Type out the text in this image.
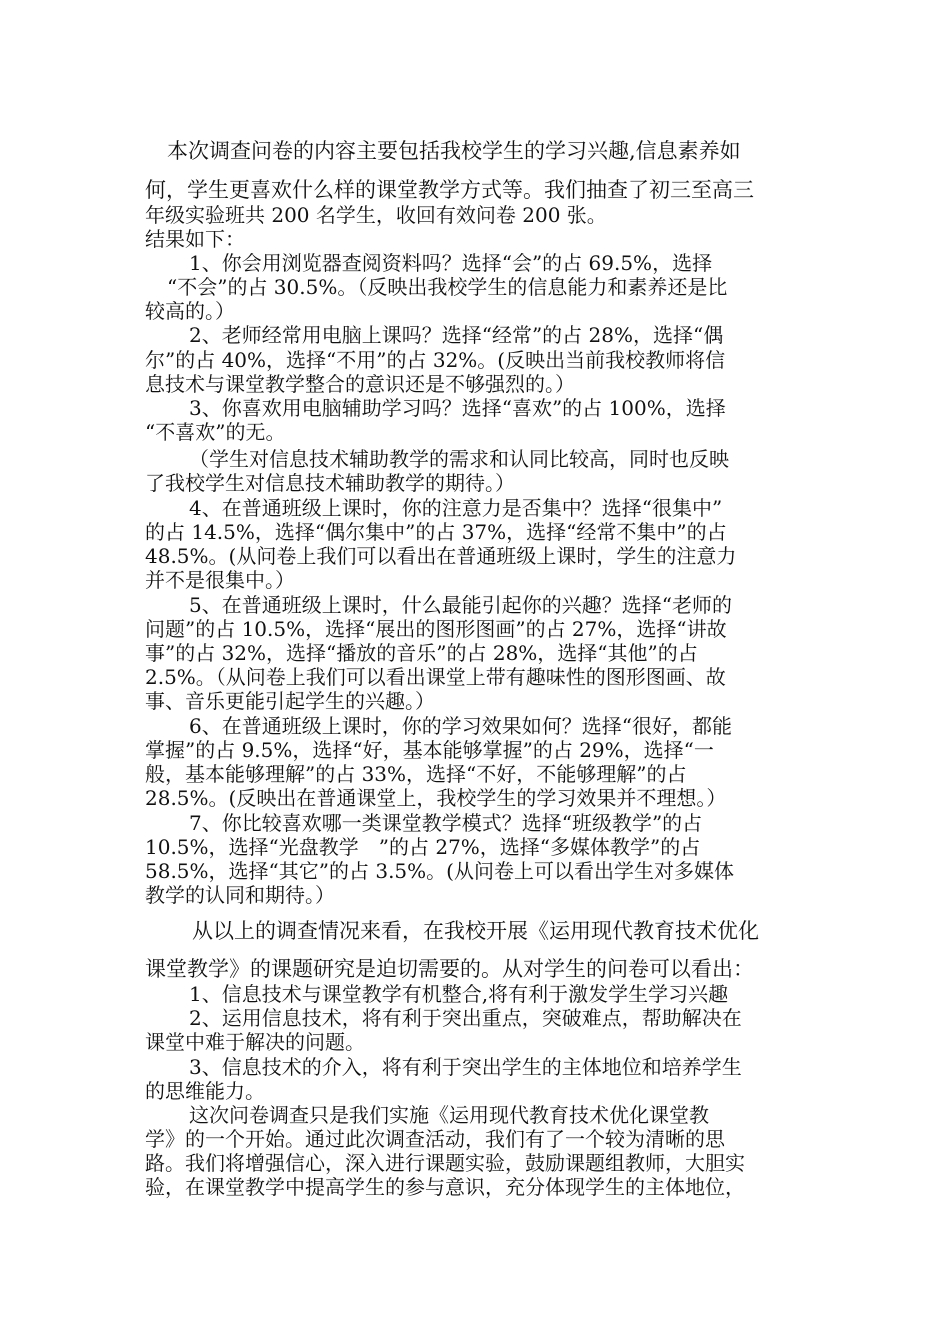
本次调查问卷的内容主要包括我校学生的学习兴趣,信息素养如
何，学生更喜欢什么样的课堂教学方式等。我们抽查了初三至高三
年级实验班共 200 名学生，收回有效问卷 200 张。
结果如下：
1、你会用浏览器查阅资料吗？选择“会”的占 69.5%，选择
“不会”的占 30.5%。（反映出我校学生的信息能力和素养还是比
较高的。）
2、老师经常用电脑上课吗？选择“经常”的占 28%，选择“偶
尔”的占 40%，选择“不用”的占 32%。(反映出当前我校教师将信
息技术与课堂教学整合的意识还是不够强烈的。）
3、你喜欢用电脑辅助学习吗？选择“喜欢”的占 100%，选择
“不喜欢”的无。
（学生对信息技术辅助教学的需求和认同比较高，同时也反映
了我校学生对信息技术辅助教学的期待。）
4、在普通班级上课时，你的注意力是否集中？选择“很集中”
的占 14.5%，选择“偶尔集中”的占 37%，选择“经常不集中”的占
48.5%。(从问卷上我们可以看出在普通班级上课时，学生的注意力
并不是很集中。）
5、在普通班级上课时，什么最能引起你的兴趣？选择“老师的
问题”的占 10.5%，选择“展出的图形图画”的占 27%，选择“讲故
事”的占 32%，选择“播放的音乐”的占 28%，选择“其他”的占
2.5%。（从问卷上我们可以看出课堂上带有趣味性的图形图画、故
事、音乐更能引起学生的兴趣。）
6、在普通班级上课时，你的学习效果如何？选择“很好，都能
掌握”的占 9.5%，选择“好，基本能够掌握”的占 29%，选择“一
般，基本能够理解”的占 33%，选择“不好，不能够理解”的占
28.5%。(反映出在普通课堂上，我校学生的学习效果并不理想。）
7、你比较喜欢哪一类课堂教学模式？选择“班级教学”的占
10.5%，选择“光盘教学　”的占 27%，选择“多媒体教学”的占
58.5%，选择“其它”的占 3.5%。(从问卷上可以看出学生对多媒体
教学的认同和期待。）
从以上的调查情况来看，在我校开展《运用现代教育技术优化
课堂教学》的课题研究是迫切需要的。从对学生的问卷可以看出：
1、信息技术与课堂教学有机整合,将有利于激发学生学习兴趣
2、运用信息技术，将有利于突出重点，突破难点，帮助解决在
课堂中难于解决的问题。
3、信息技术的介入，将有利于突出学生的主体地位和培养学生
的思维能力。
这次问卷调查只是我们实施《运用现代教育技术优化课堂教
学》的一个开始。通过此次调查活动，我们有了一个较为清晰的思
路。我们将增强信心，深入进行课题实验，鼓励课题组教师，大胆实
验，在课堂教学中提高学生的参与意识，充分体现学生的主体地位，
